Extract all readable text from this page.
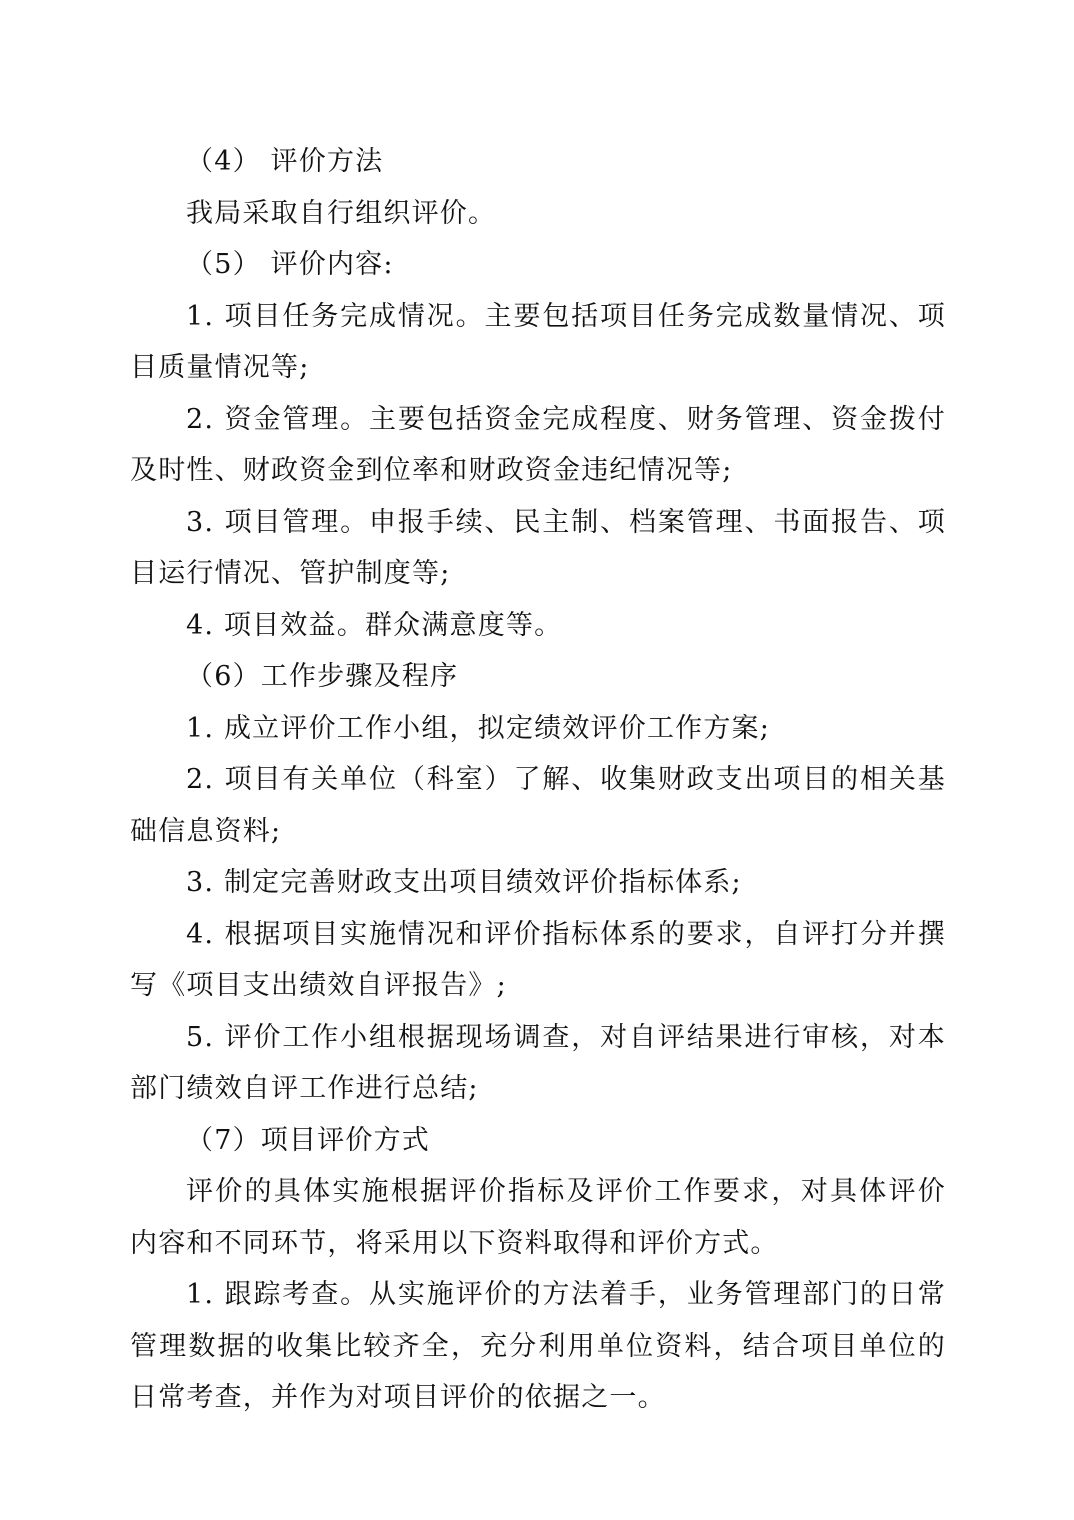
（4） 评价方法

我局采取自行组织评价。

（5） 评价内容:

1. 项目任务完成情况。主要包括项目任务完成数量情况、项目质量情况等;

2. 资金管理。主要包括资金完成程度、财务管理、资金拨付及时性、财政资金到位率和财政资金违纪情况等;

3. 项目管理。申报手续、民主制、档案管理、书面报告、项目运行情况、管护制度等;

4. 项目效益。群众满意度等。

（6）工作步骤及程序

1. 成立评价工作小组，拟定绩效评价工作方案;

2. 项目有关单位（科室）了解、收集财政支出项目的相关基础信息资料;

3. 制定完善财政支出项目绩效评价指标体系;

4. 根据项目实施情况和评价指标体系的要求，自评打分并撰写《项目支出绩效自评报告》;

5. 评价工作小组根据现场调查，对自评结果进行审核，对本部门绩效自评工作进行总结;

（7）项目评价方式

评价的具体实施根据评价指标及评价工作要求，对具体评价内容和不同环节，将采用以下资料取得和评价方式。

1. 跟踪考查。从实施评价的方法着手，业务管理部门的日常管理数据的收集比较齐全，充分利用单位资料，结合项目单位的日常考查，并作为对项目评价的依据之一。
